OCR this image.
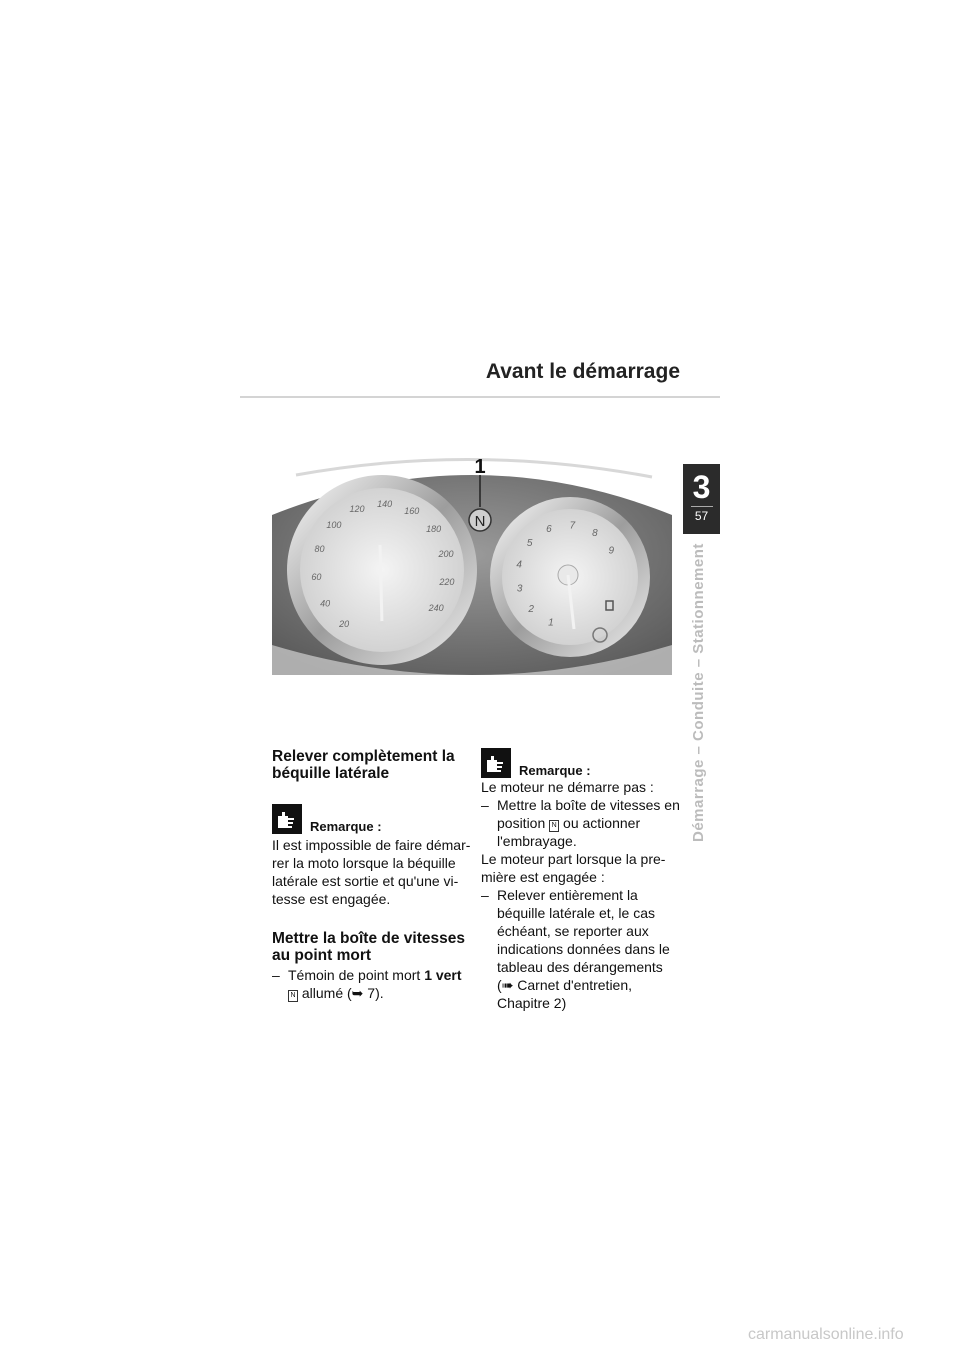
Avant le démarrage
3
57
Démarrage – Conduite – Stationnement
20
40
60
80
100
120 140
160
180
200
220
240
1
2
3
4
5
6 7
8
9
1
N
Relever complètement la béquille latérale
Remarque :

Il est impossible de faire démar-rer la moto lorsque la béquille latérale est sortie et qu'une vi-tesse est engagée.

Mettre la boîte de vitesses au point mort

– Témoin de point mort 1 vert N allumé (➥ 7).

Remarque :

Le moteur ne démarre pas :

– Mettre la boîte de vitesses en position N ou actionner l'embrayage.

Le moteur part lorsque la pre-mière est engagée :

– Relever entièrement la béquille latérale et, le cas échéant, se reporter aux indications données dans le tableau des dérangements (➠ Carnet d'entretien, Chapitre 2)

carmanualsonline.info
